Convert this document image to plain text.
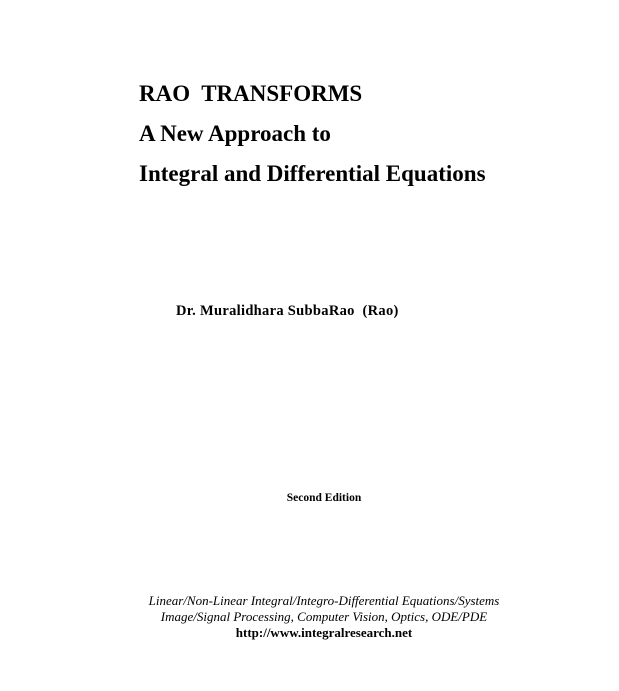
RAO  TRANSFORMS

A New Approach to

Integral and Differential Equations

Dr. Muralidhara SubbaRao  (Rao)
Second Edition
Linear/Non-Linear Integral/Integro-Differential Equations/Systems
Image/Signal Processing, Computer Vision, Optics, ODE/PDE
http://www.integralresearch.net
